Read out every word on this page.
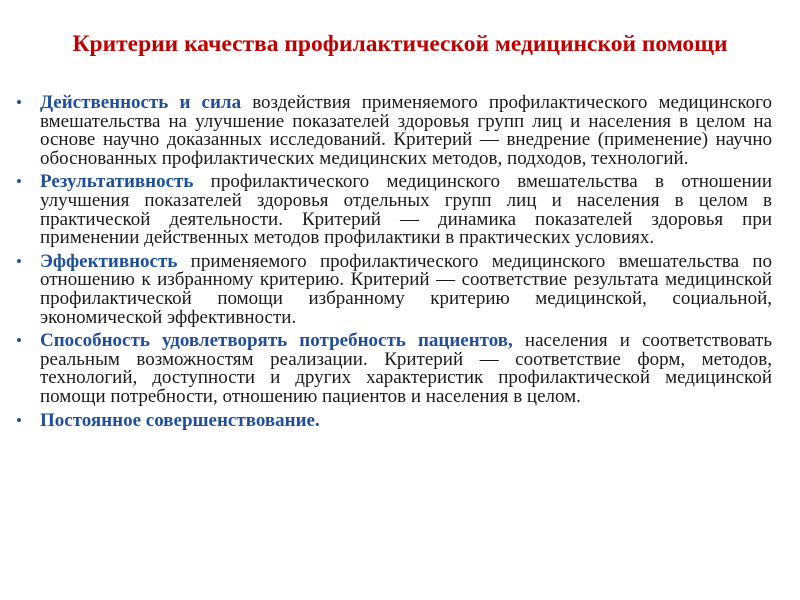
Критерии качества профилактической медицинской помощи
• Действенность и сила воздействия применяемого профилактического медицинского вмешательства на улучшение показателей здоровья групп лиц и населения в целом на основе научно доказанных исследований. Критерий — внедрение (применение) научно обоснованных профилактических медицинских методов, подходов, технологий.
• Результативность профилактического медицинского вмешательства в отношении улучшения показателей здоровья отдельных групп лиц и населения в целом в практической деятельности. Критерий — динамика показателей здоровья при применении действенных методов профилактики в практических условиях.
• Эффективность применяемого профилактического медицинского вмешательства по отношению к избранному критерию. Критерий — соответствие результата медицинской профилактической помощи избранному критерию медицинской, социальной, экономической эффективности.
• Способность удовлетворять потребность пациентов, населения и соответствовать реальным возможностям реализации. Критерий — соответствие форм, методов, технологий, доступности и других характеристик профилактической медицинской помощи потребности, отношению пациентов и населения в целом.
• Постоянное совершенствование.
